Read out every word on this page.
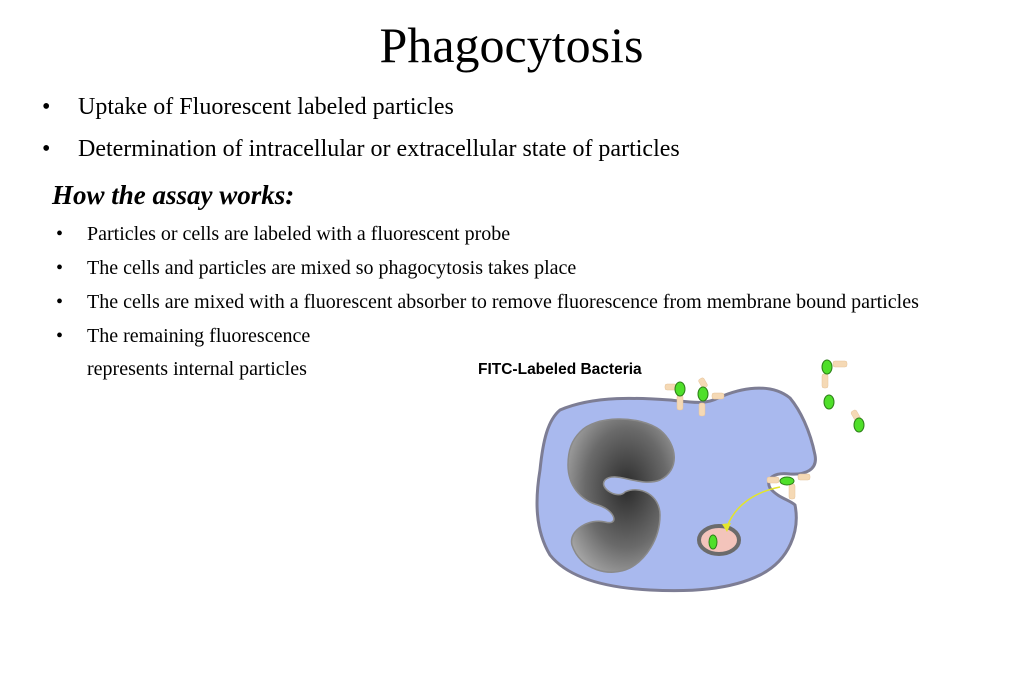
Phagocytosis
• Uptake of Fluorescent labeled particles
• Determination of intracellular or extracellular state of particles
How the assay works:
• Particles or cells are labeled with a fluorescent probe
• The cells and particles are mixed so phagocytosis takes place
• The cells are mixed with a fluorescent absorber to remove fluorescence from membrane bound particles
• The remaining fluorescence
represents internal particles	FITC-Labeled Bacteria
